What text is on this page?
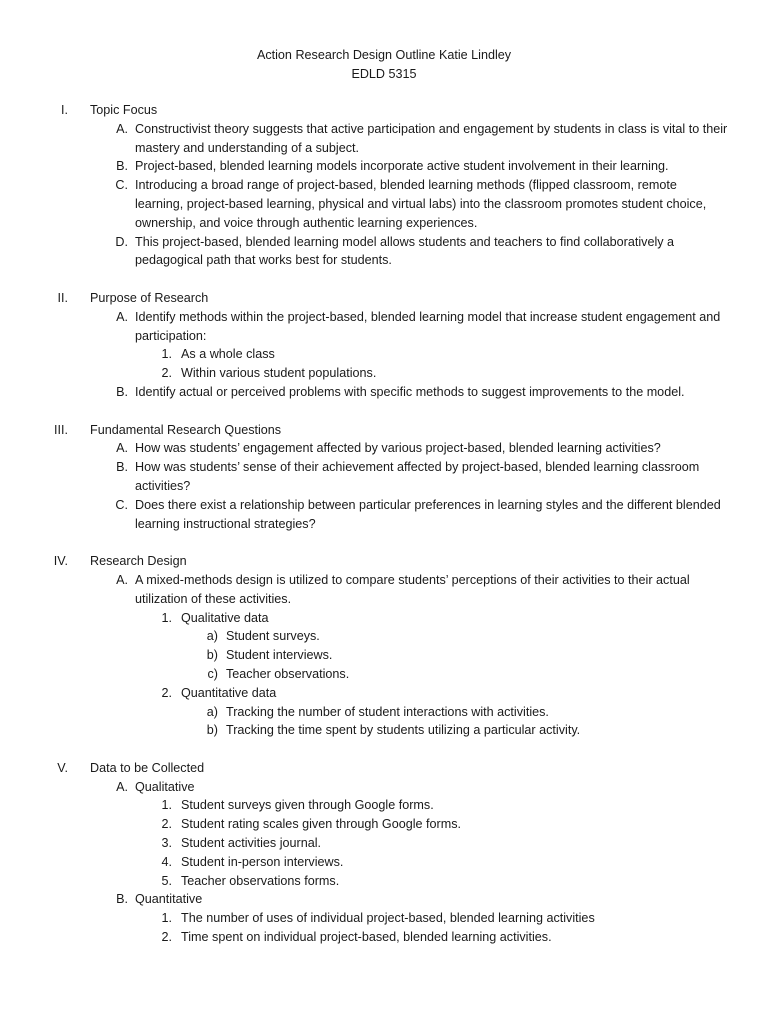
Action Research Design Outline Katie Lindley
EDLD 5315
I. Topic Focus
A. Constructivist theory suggests that active participation and engagement by students in class is vital to their mastery and understanding of a subject.
B. Project-based, blended learning models incorporate active student involvement in their learning.
C. Introducing a broad range of project-based, blended learning methods (flipped classroom, remote learning, project-based learning, physical and virtual labs) into the classroom promotes student choice, ownership, and voice through authentic learning experiences.
D. This project-based, blended learning model allows students and teachers to find collaboratively a pedagogical path that works best for students.
II. Purpose of Research
A. Identify methods within the project-based, blended learning model that increase student engagement and participation:
1. As a whole class
2. Within various student populations.
B. Identify actual or perceived problems with specific methods to suggest improvements to the model.
III. Fundamental Research Questions
A. How was students’ engagement affected by various project-based, blended learning activities?
B. How was students’ sense of their achievement affected by project-based, blended learning classroom activities?
C. Does there exist a relationship between particular preferences in learning styles and the different blended learning instructional strategies?
IV. Research Design
A. A mixed-methods design is utilized to compare students’ perceptions of their activities to their actual utilization of these activities.
1. Qualitative data
a) Student surveys.
b) Student interviews.
c) Teacher observations.
2. Quantitative data
a) Tracking the number of student interactions with activities.
b) Tracking the time spent by students utilizing a particular activity.
V. Data to be Collected
A. Qualitative
1. Student surveys given through Google forms.
2. Student rating scales given through Google forms.
3. Student activities journal.
4. Student in-person interviews.
5. Teacher observations forms.
B. Quantitative
1. The number of uses of individual project-based, blended learning activities
2. Time spent on individual project-based, blended learning activities.
